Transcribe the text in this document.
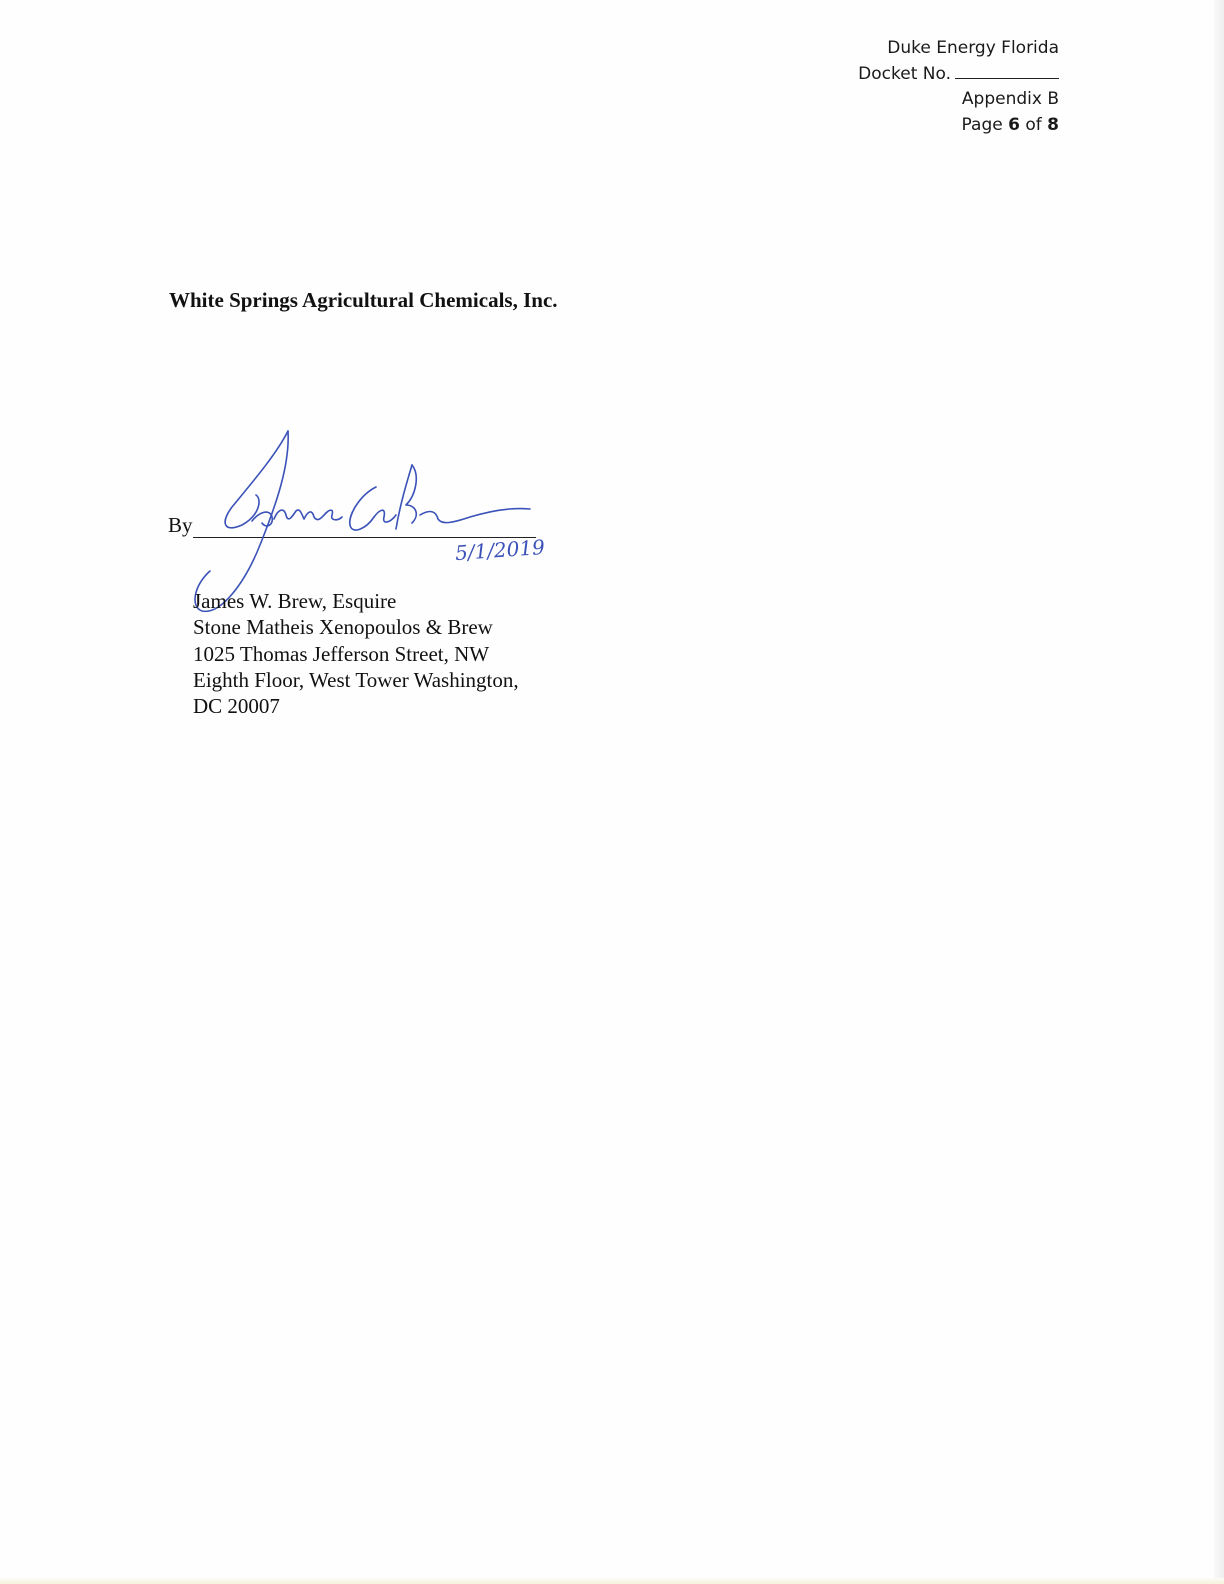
Duke Energy Florida
Docket No.
Appendix B
Page 6 of 8
White Springs Agricultural Chemicals, Inc.
By
5/1/2019
James W. Brew, Esquire
Stone Matheis Xenopoulos & Brew
1025 Thomas Jefferson Street, NW
Eighth Floor, West Tower Washington,
DC 20007
